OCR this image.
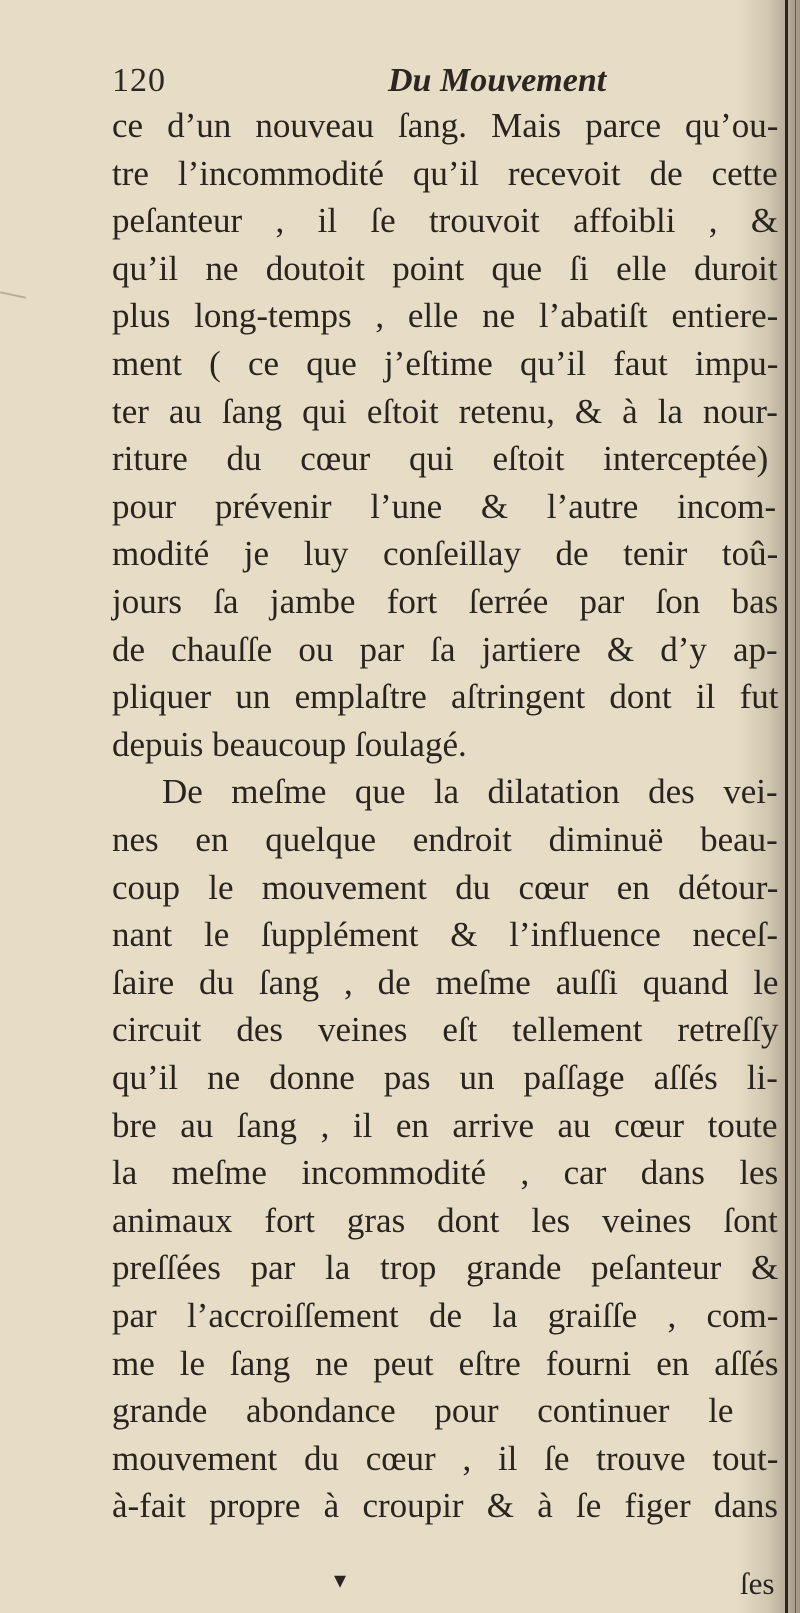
120	Du Mouvement
ce d’un nouveau ſang. Mais parce qu’ou-
tre l’incommodité qu’il recevoit de cette
peſanteur , il ſe trouvoit affoibli , &
qu’il ne doutoit point que ſi elle duroit
plus long-temps , elle ne l’abatiſt entiere-
ment ( ce que j’eſtime qu’il faut impu-
ter au ſang qui eſtoit retenu, & à la nour-
riture du cœur qui eſtoit interceptée)
pour prévenir l’une & l’autre incom-
modité je luy conſeillay de tenir toû-
jours ſa jambe fort ſerrée par ſon bas
de chauſſe ou par ſa jartiere & d’y ap-
pliquer un emplaſtre aſtringent dont il fut
depuis beaucoup ſoulagé.
De meſme que la dilatation des vei-
nes en quelque endroit diminuë beau-
coup le mouvement du cœur en détour-
nant le ſupplément & l’influence neceſ-
ſaire du ſang , de meſme auſſi quand le
circuit des veines eſt tellement retreſſy
qu’il ne donne pas un paſſage aſſés li-
bre au ſang , il en arrive au cœur toute
la meſme incommodité , car dans les
animaux fort gras dont les veines ſont
preſſées par la trop grande peſanteur &
par l’accroiſſement de la graiſſe , com-
me le ſang ne peut eſtre fourni en aſſés
grande abondance pour continuer le
mouvement du cœur , il ſe trouve tout-
à-fait propre à croupir & à ſe figer dans
▾	ſes
